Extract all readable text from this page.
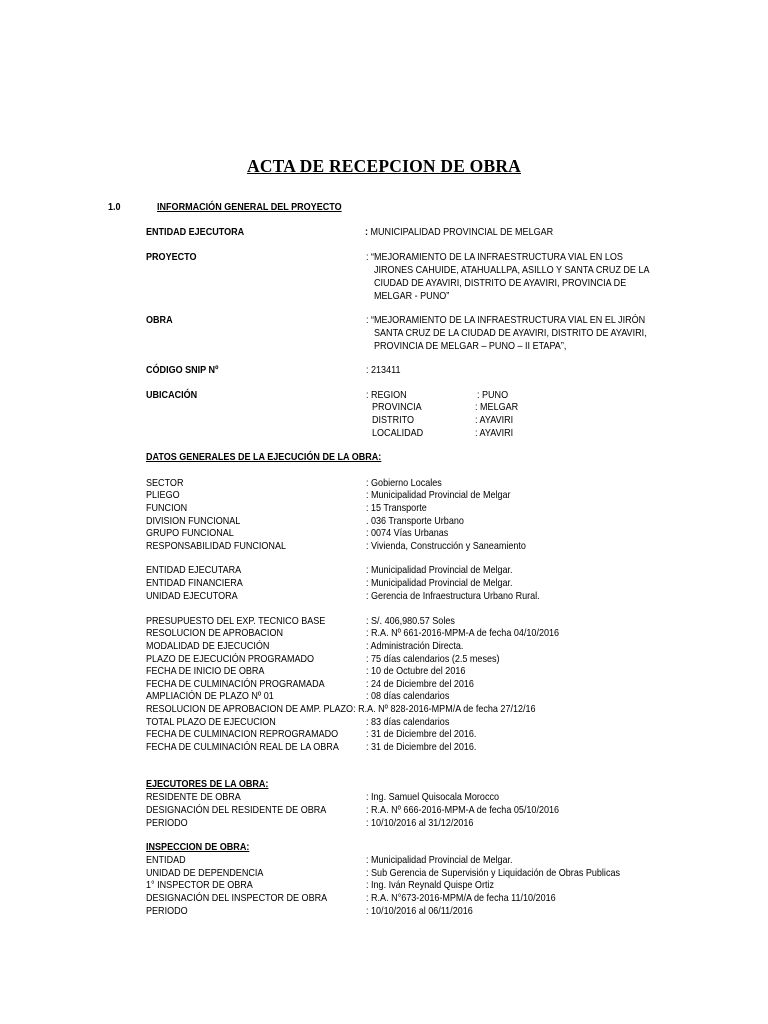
ACTA DE RECEPCION DE OBRA
1.0	INFORMACIÓN GENERAL DEL PROYECTO
ENTIDAD EJECUTORA	: MUNICIPALIDAD PROVINCIAL DE MELGAR
PROYECTO	: “MEJORAMIENTO DE LA INFRAESTRUCTURA VIAL EN LOS
JIRONES CAHUIDE, ATAHUALLPA, ASILLO Y SANTA CRUZ DE LA
CIUDAD DE AYAVIRI, DISTRITO DE AYAVIRI, PROVINCIA DE
MELGAR - PUNO”
OBRA	: “MEJORAMIENTO DE LA INFRAESTRUCTURA VIAL EN EL JIRÓN
SANTA CRUZ DE LA CIUDAD DE AYAVIRI, DISTRITO DE AYAVIRI,
PROVINCIA DE MELGAR – PUNO – II ETAPA”,
CÓDIGO SNIP Nº	: 213411
UBICACIÓN	: REGION	: PUNO
PROVINCIA	: MELGAR
DISTRITO	: AYAVIRI
LOCALIDAD	: AYAVIRI
DATOS GENERALES DE LA EJECUCIÓN DE LA OBRA:
SECTOR	: Gobierno Locales
PLIEGO	: Municipalidad Provincial de Melgar
FUNCION	: 15 Transporte
DIVISION FUNCIONAL	. 036 Transporte Urbano
GRUPO FUNCIONAL	: 0074 Vías Urbanas
RESPONSABILIDAD FUNCIONAL	: Vivienda, Construcción y Saneamiento
ENTIDAD EJECUTARA	: Municipalidad Provincial de Melgar.
ENTIDAD FINANCIERA	: Municipalidad Provincial de Melgar.
UNIDAD EJECUTORA	: Gerencia de Infraestructura Urbano Rural.
PRESUPUESTO DEL EXP. TECNICO BASE	: S/. 406,980.57 Soles
RESOLUCION DE APROBACION	: R.A. Nº 661-2016-MPM-A de fecha 04/10/2016
MODALIDAD DE EJECUCIÓN	: Administración Directa.
PLAZO DE EJECUCIÓN PROGRAMADO	: 75 días calendarios (2.5 meses)
FECHA DE INICIO DE OBRA	: 10 de Octubre del 2016
FECHA DE CULMINACIÓN PROGRAMADA	: 24 de Diciembre del 2016
AMPLIACIÓN DE PLAZO Nº 01	: 08 días calendarios
RESOLUCION DE APROBACION DE AMP. PLAZO: R.A. Nº 828-2016-MPM/A de fecha 27/12/16
TOTAL PLAZO DE EJECUCION	: 83 días calendarios
FECHA DE CULMINACION REPROGRAMADO	: 31 de Diciembre del 2016.
FECHA DE CULMINACIÓN REAL DE LA OBRA	: 31 de Diciembre del 2016.
EJECUTORES DE LA OBRA:
RESIDENTE DE OBRA	: Ing. Samuel Quisocala Morocco
DESIGNACIÓN DEL RESIDENTE DE OBRA	: R.A. Nº 666-2016-MPM-A de fecha 05/10/2016
PERIODO	: 10/10/2016 al 31/12/2016
INSPECCION DE OBRA:
ENTIDAD	: Municipalidad Provincial de Melgar.
UNIDAD DE DEPENDENCIA	: Sub Gerencia de Supervisión y Liquidación de Obras Publicas
1° INSPECTOR DE OBRA	: Ing. Iván Reynald Quispe Ortiz
DESIGNACIÓN DEL INSPECTOR DE OBRA	: R.A. N°673-2016-MPM/A de fecha 11/10/2016
PERIODO	: 10/10/2016 al 06/11/2016
